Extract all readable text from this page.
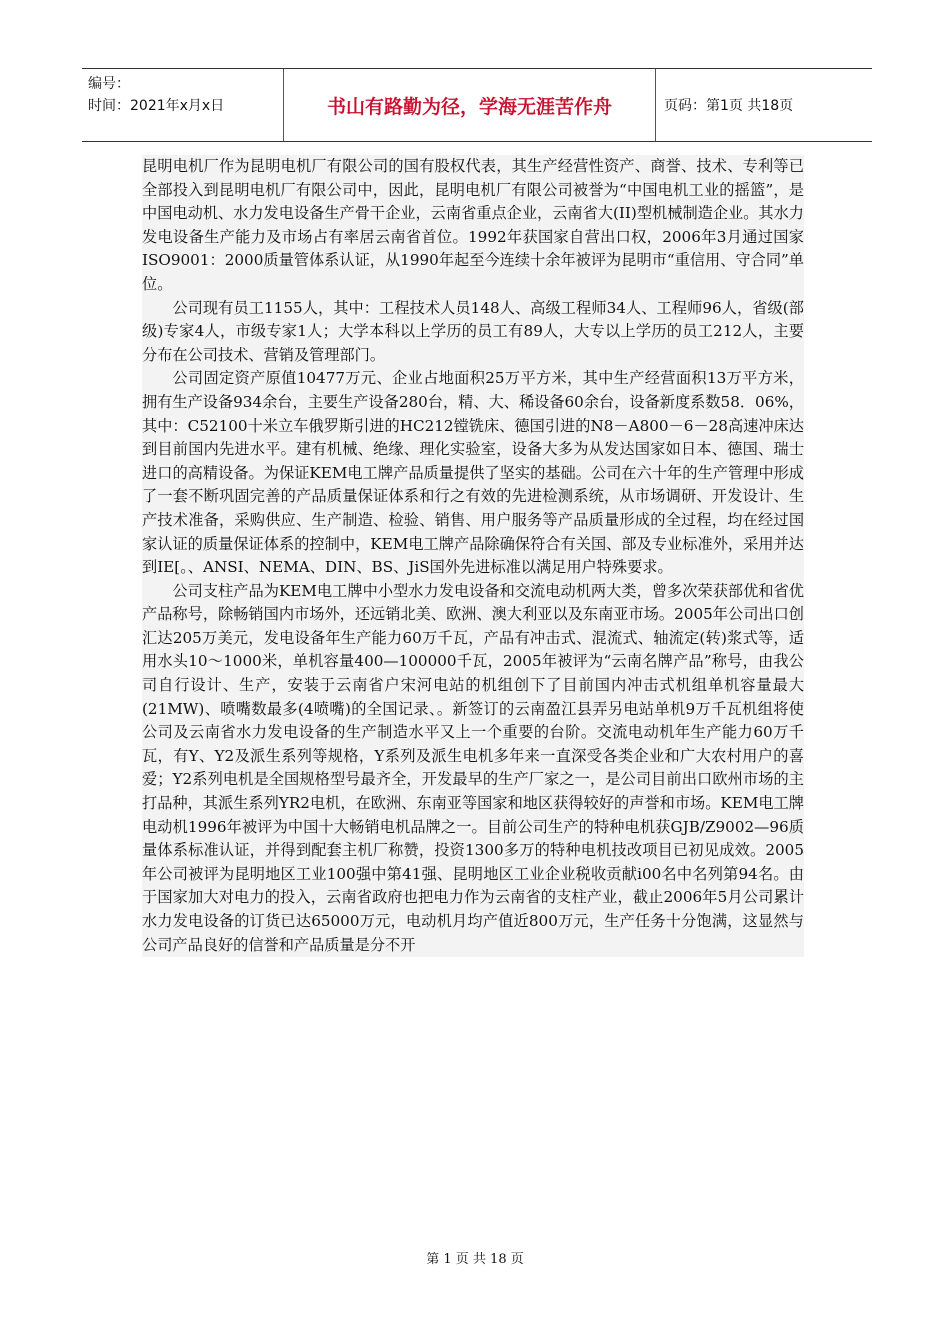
编号：
时间：2021年x月x日	书山有路勤为径，学海无涯苦作舟	页码：第1页 共18页

昆明电机厂作为昆明电机厂有限公司的国有股权代表，其生产经营性资产、商誉、技术、专利等已全部投入到昆明电机厂有限公司中，因此，昆明电机厂有限公司被誉为“中国电机工业的摇篮”，是中国电动机、水力发电设备生产骨干企业，云南省重点企业，云南省大(II)型机械制造企业。其水力发电设备生产能力及市场占有率居云南省首位。1992年获国家自营出口权，2006年3月通过国家ISO9001：2000质量管体系认证，从1990年起至今连续十余年被评为昆明市“重信用、守合同”单位。

公司现有员工1155人，其中：工程技术人员148人、高级工程师34人、工程师96人，省级(部级)专家4人，市级专家1人；大学本科以上学历的员工有89人，大专以上学历的员工212人，主要分布在公司技术、营销及管理部门。

公司固定资产原值10477万元、企业占地面积25万平方米，其中生产经营面积13万平方米，拥有生产设备934余台，主要生产设备280台，精、大、稀设备60余台，设备新度系数58．06%，其中：C52100十米立车俄罗斯引进的HC212镗铣床、德国引进的N8－A800－6－28高速冲床达到目前国内先进水平。建有机械、绝缘、理化实验室，设备大多为从发达国家如日本、德国、瑞士进口的高精设备。为保证KEM电工牌产品质量提供了坚实的基础。公司在六十年的生产管理中形成了一套不断巩固完善的产品质量保证体系和行之有效的先进检测系统，从市场调研、开发设计、生产技术准备，采购供应、生产制造、检验、销售、用户服务等产品质量形成的全过程，均在经过国家认证的质量保证体系的控制中，KEM电工牌产品除确保符合有关国、部及专业标准外，采用并达到IE[。、ANSI、NEMA、DIN、BS、JiS国外先进标准以满足用户特殊要求。

公司支柱产品为KEM电工牌中小型水力发电设备和交流电动机两大类，曾多次荣获部优和省优产品称号，除畅销国内市场外，还远销北美、欧洲、澳大利亚以及东南亚市场。2005年公司出口创汇达205万美元，发电设备年生产能力60万千瓦，产品有冲击式、混流式、轴流定(转)浆式等，适用水头10～1000米，单机容量400—100000千瓦，2005年被评为“云南名牌产品”称号，由我公司自行设计、生产，安装于云南省户宋河电站的机组创下了目前国内冲击式机组单机容量最大(21MW)、喷嘴数最多(4喷嘴)的全国记录、。新签订的云南盈江县弄另电站单机9万千瓦机组将使公司及云南省水力发电设备的生产制造水平又上一个重要的台阶。交流电动机年生产能力60万千瓦，有Y、Y2及派生系列等规格，Y系列及派生电机多年来一直深受各类企业和广大农村用户的喜爱；Y2系列电机是全国规格型号最齐全，开发最早的生产厂家之一，是公司目前出口欧州市场的主打品种，其派生系列YR2电机，在欧洲、东南亚等国家和地区获得较好的声誉和市场。KEM电工牌电动机1996年被评为中国十大畅销电机品牌之一。目前公司生产的特种电机获GJB/Z9002—96质量体系标准认证，并得到配套主机厂称赞，投资1300多万的特种电机技改项目已初见成效。2005年公司被评为昆明地区工业100强中第41强、昆明地区工业企业税收贡献i00名中名列第94名。由于国家加大对电力的投入，云南省政府也把电力作为云南省的支柱产业，截止2006年5月公司累计水力发电设备的订货已达65000万元，电动机月均产值近800万元，生产任务十分饱满，这显然与公司产品良好的信誉和产品质量是分不开

第 1 页 共 18 页
